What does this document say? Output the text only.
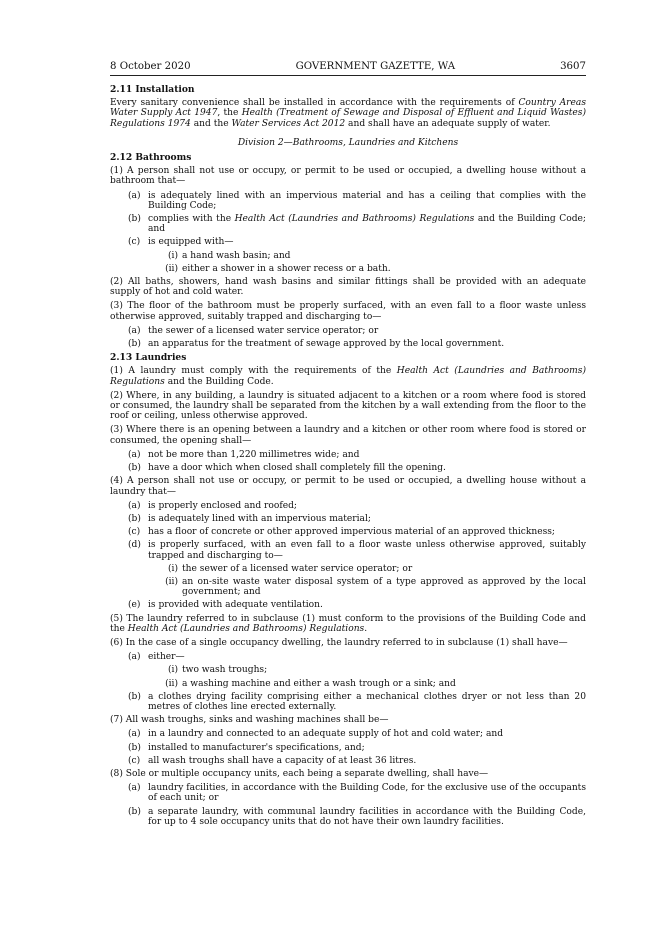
8 October 2020	GOVERNMENT GAZETTE, WA	3607
2.11 Installation
Every sanitary convenience shall be installed in accordance with the requirements of Country Areas Water Supply Act 1947, the Health (Treatment of Sewage and Disposal of Effluent and Liquid Wastes) Regulations 1974 and the Water Services Act 2012 and shall have an adequate supply of water.
Division 2—Bathrooms, Laundries and Kitchens
2.12 Bathrooms
(1) A person shall not use or occupy, or permit to be used or occupied, a dwelling house without a bathroom that—
(a) is adequately lined with an impervious material and has a ceiling that complies with the Building Code;
(b) complies with the Health Act (Laundries and Bathrooms) Regulations and the Building Code; and
(c) is equipped with—
(i) a hand wash basin; and
(ii) either a shower in a shower recess or a bath.
(2) All baths, showers, hand wash basins and similar fittings shall be provided with an adequate supply of hot and cold water.
(3) The floor of the bathroom must be properly surfaced, with an even fall to a floor waste unless otherwise approved, suitably trapped and discharging to—
(a) the sewer of a licensed water service operator; or
(b) an apparatus for the treatment of sewage approved by the local government.
2.13 Laundries
(1) A laundry must comply with the requirements of the Health Act (Laundries and Bathrooms) Regulations and the Building Code.
(2) Where, in any building, a laundry is situated adjacent to a kitchen or a room where food is stored or consumed, the laundry shall be separated from the kitchen by a wall extending from the floor to the roof or ceiling, unless otherwise approved.
(3) Where there is an opening between a laundry and a kitchen or other room where food is stored or consumed, the opening shall—
(a) not be more than 1,220 millimetres wide; and
(b) have a door which when closed shall completely fill the opening.
(4) A person shall not use or occupy, or permit to be used or occupied, a dwelling house without a laundry that—
(a) is properly enclosed and roofed;
(b) is adequately lined with an impervious material;
(c) has a floor of concrete or other approved impervious material of an approved thickness;
(d) is properly surfaced, with an even fall to a floor waste unless otherwise approved, suitably trapped and discharging to—
(i) the sewer of a licensed water service operator; or
(ii) an on-site waste water disposal system of a type approved as approved by the local government; and
(e) is provided with adequate ventilation.
(5) The laundry referred to in subclause (1) must conform to the provisions of the Building Code and the Health Act (Laundries and Bathrooms) Regulations.
(6) In the case of a single occupancy dwelling, the laundry referred to in subclause (1) shall have—
(a) either—
(i) two wash troughs;
(ii) a washing machine and either a wash trough or a sink; and
(b) a clothes drying facility comprising either a mechanical clothes dryer or not less than 20 metres of clothes line erected externally.
(7) All wash troughs, sinks and washing machines shall be—
(a) in a laundry and connected to an adequate supply of hot and cold water; and
(b) installed to manufacturer's specifications, and;
(c) all wash troughs shall have a capacity of at least 36 litres.
(8) Sole or multiple occupancy units, each being a separate dwelling, shall have—
(a) laundry facilities, in accordance with the Building Code, for the exclusive use of the occupants of each unit; or
(b) a separate laundry, with communal laundry facilities in accordance with the Building Code, for up to 4 sole occupancy units that do not have their own laundry facilities.
